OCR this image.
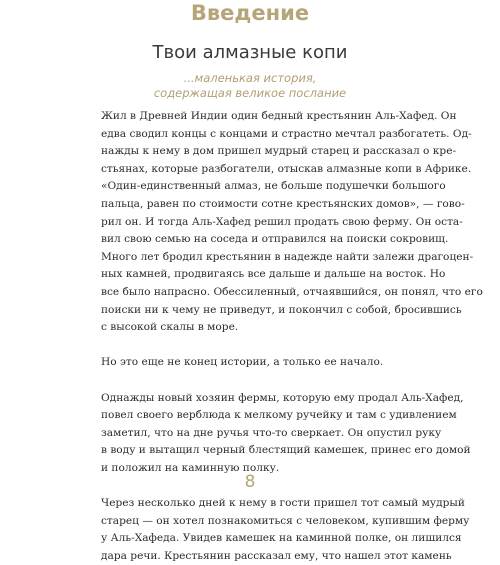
Введение
Твои алмазные копи
...маленькая история,
содержащая великое послание
Жил в Древней Индии один бедный крестьянин Аль-Хафед. Он
едва сводил концы с концами и страстно мечтал разбогатеть. Од-
нажды к нему в дом пришел мудрый старец и рассказал о кре-
стьянах, которые разбогатели, отыскав алмазные копи в Африке.
«Один-единственный алмаз, не больше подушечки большого
пальца, равен по стоимости сотне крестьянских домов», — гово-
рил он. И тогда Аль-Хафед решил продать свою ферму. Он оста-
вил свою семью на соседа и отправился на поиски сокровищ.
Много лет бродил крестьянин в надежде найти залежи драгоцен-
ных камней, продвигаясь все дальше и дальше на восток. Но
все было напрасно. Обессиленный, отчаявшийся, он понял, что его
поиски ни к чему не приведут, и покончил с собой, бросившись
с высокой скалы в море.
Но это еще не конец истории, а только ее начало.
Однажды новый хозяин фермы, которую ему продал Аль-Хафед,
повел своего верблюда к мелкому ручейку и там с удивлением
заметил, что на дне ручья что-то сверкает. Он опустил руку
в воду и вытащил черный блестящий камешек, принес его домой
и положил на каминную полку.
Через несколько дней к нему в гости пришел тот самый мудрый
старец — он хотел познакомиться с человеком, купившим ферму
у Аль-Хафеда. Увидев камешек на каминной полке, он лишился
дара речи. Крестьянин рассказал ему, что нашел этот камень
8
